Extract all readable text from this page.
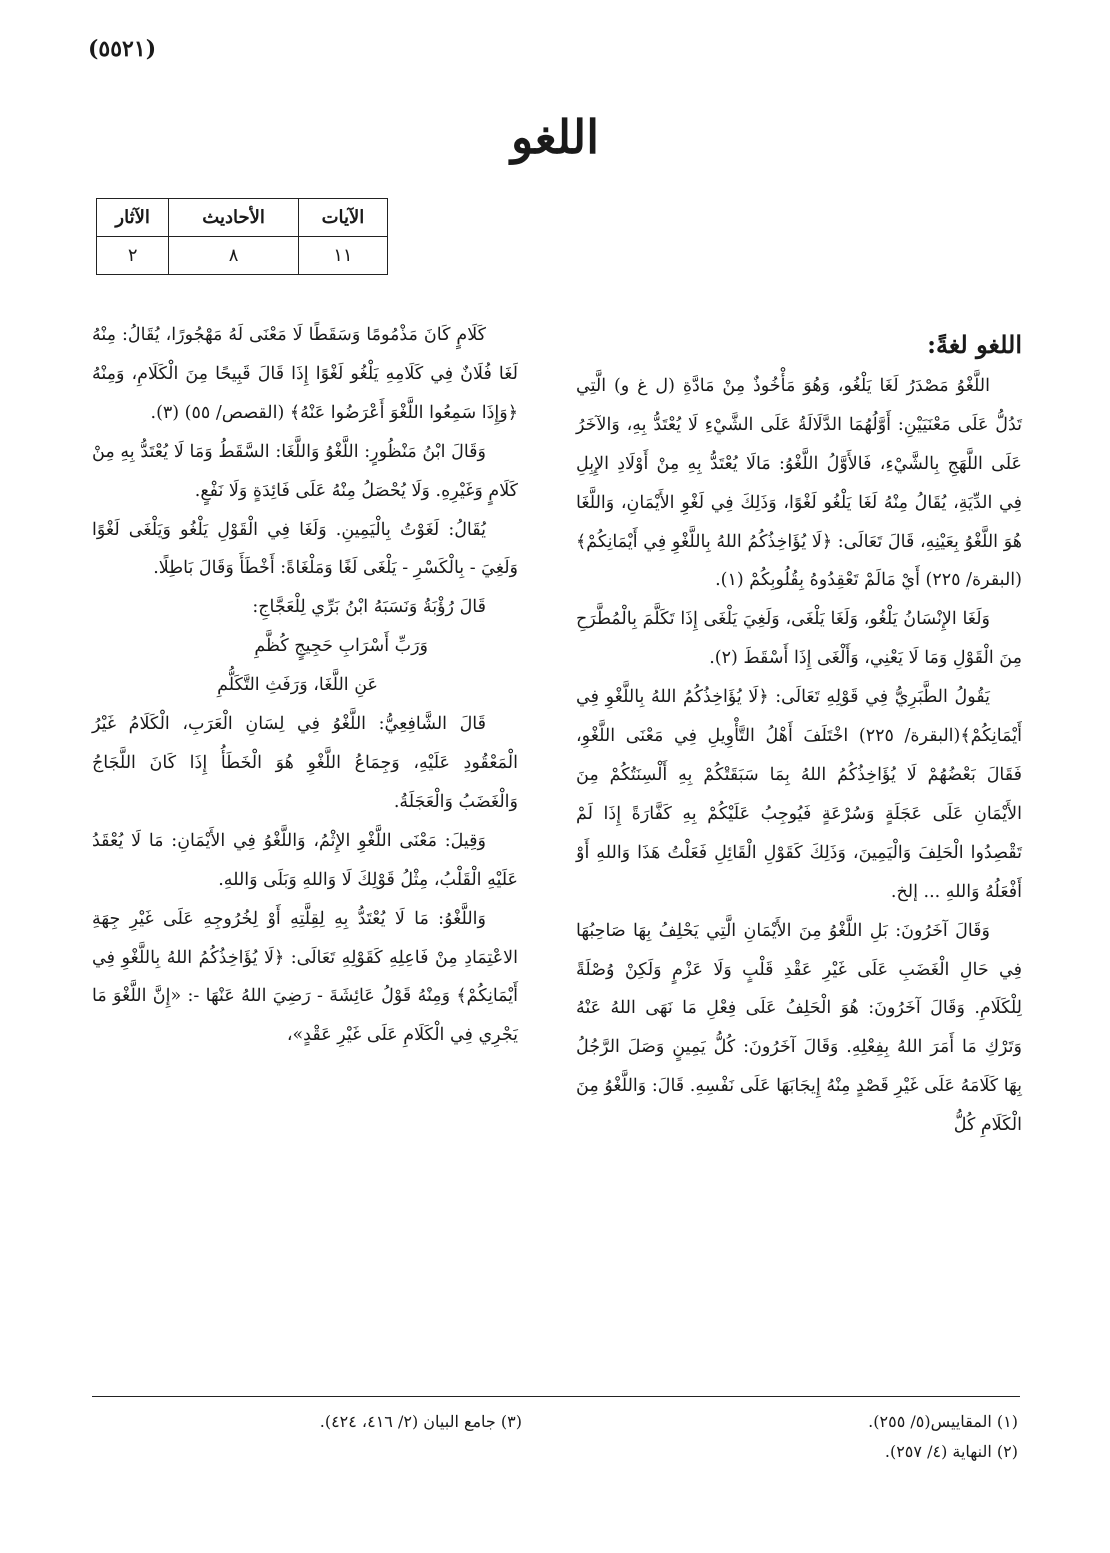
(٥٥٢١)
اللغو
الآيات	الأحاديث	الآثار
١١	٨	٢

اللغو لغةً:

اللَّغْوُ مَصْدَرُ لَغَا يَلْغُو، وَهُوَ مَأْخُوذٌ مِنْ مَادَّةِ (ل غ و) الَّتِي تَدُلُّ عَلَى مَعْنَيَيْنِ: أَوَّلُهُمَا الدَّلَالَةُ عَلَى الشَّيْءِ لَا يُعْتَدُّ بِهِ، وَالآخَرُ عَلَى اللَّهَجِ بِالشَّيْءِ، فَالأَوَّلُ اللَّغْوُ: مَالَا يُعْتَدُّ بِهِ مِنْ أَوْلَادِ الإِبِلِ فِي الدِّيَةِ، يُقَالُ مِنْهُ لَغَا يَلْغُو لَغْوًا، وَذَلِكَ فِي لَغْوِ الأَيْمَانِ، وَاللَّغَا هُوَ اللَّغْوُ بِعَيْنِهِ، قَالَ تَعَالَى: ﴿لَا يُؤَاخِذُكُمُ اللهُ بِاللَّغْوِ فِي أَيْمَانِكُمْ﴾(البقرة/ ٢٢٥) أَيْ مَالَمْ تَعْقِدُوهُ بِقُلُوبِكُمْ (١).

وَلَغَا الإِنْسَانُ يَلْغُو، وَلَغَا يَلْغَى، وَلَغِيَ يَلْغَى إِذَا تَكَلَّمَ بِالْمُطَّرَحِ مِنَ الْقَوْلِ وَمَا لَا يَعْنِي، وَأَلْغَى إِذَا أَسْقَطَ (٢).

يَقُولُ الطَّبَرِيُّ فِي قَوْلِهِ تَعَالَى: ﴿لَا يُؤَاخِذُكُمُ اللهُ بِاللَّغْوِ فِي أَيْمَانِكُمْ﴾(البقرة/ ٢٢٥) اخْتَلَفَ أَهْلُ التَّأْوِيلِ فِي مَعْنَى اللَّغْوِ، فَقَالَ بَعْضُهُمْ لَا يُؤَاخِذُكُمُ اللهُ بِمَا سَبَقَتْكُمْ بِهِ أَلْسِنَتُكُمْ مِنَ الأَيْمَانِ عَلَى عَجَلَةٍ وَسُرْعَةٍ فَيُوجِبُ عَلَيْكُمْ بِهِ كَفَّارَةً إِذَا لَمْ تَقْصِدُوا الْحَلِفَ وَالْيَمِينَ، وَذَلِكَ كَقَوْلِ الْقَائِلِ فَعَلْتُ هَذَا وَاللهِ أَوْ أَفْعَلُهُ وَاللهِ ... إلخ.

وَقَالَ آخَرُونَ: بَلِ اللَّغْوُ مِنَ الأَيْمَانِ الَّتِي يَحْلِفُ بِهَا صَاحِبُهَا فِي حَالِ الْغَضَبِ عَلَى غَيْرِ عَقْدِ قَلْبٍ وَلَا عَزْمٍ وَلَكِنْ وُصْلَةً لِلْكَلَامِ. وَقَالَ آخَرُونَ: هُوَ الْحَلِفُ عَلَى فِعْلِ مَا نَهَى اللهُ عَنْهُ وَتَرْكِ مَا أَمَرَ اللهُ بِفِعْلِهِ. وَقَالَ آخَرُونَ: كُلُّ يَمِينٍ وَصَلَ الرَّجُلُ بِهَا كَلَامَهُ عَلَى غَيْرِ قَصْدٍ مِنْهُ إِيجَابَهَا عَلَى نَفْسِهِ. قَالَ: وَاللَّغْوُ مِنَ الْكَلَامِ كُلُّ

كَلَامٍ كَانَ مَذْمُومًا وَسَقَطًا لَا مَعْنَى لَهُ مَهْجُورًا، يُقَالُ: مِنْهُ لَغَا فُلَانٌ فِي كَلَامِهِ يَلْغُو لَغْوًا إِذَا قَالَ قَبِيحًا مِنَ الْكَلَامِ، وَمِنْهُ ﴿وَإِذَا سَمِعُوا اللَّغْوَ أَعْرَضُوا عَنْهُ﴾ (القصص/ ٥٥) (٣).

وَقَالَ ابْنُ مَنْظُورٍ: اللَّغْوُ وَاللَّغَا: السَّقَطُ وَمَا لَا يُعْتَدُّ بِهِ مِنْ كَلَامٍ وَغَيْرِهِ. وَلَا يُحْصَلُ مِنْهُ عَلَى فَائِدَةٍ وَلَا نَفْعٍ.

يُقَالُ: لَغَوْتُ بِالْيَمِينِ. وَلَغَا فِي الْقَوْلِ يَلْغُو وَيَلْغَى لَغْوًا وَلَغِيَ - بِالْكَسْرِ - يَلْغَى لَغًا وَمَلْغَاةً: أَخْطَأَ وَقَالَ بَاطِلًا.

قَالَ رُؤْبَةُ وَنَسَبَهُ ابْنُ بَرِّي لِلْعَجَّاجِ:

وَرَبِّ أَسْرَابِ حَجِيجٍ كُظَّمِ

عَنِ اللَّغَا، وَرَفَثِ التَّكَلُّمِ

قَالَ الشَّافِعِيُّ: اللَّغْوُ فِي لِسَانِ الْعَرَبِ، الْكَلَامُ غَيْرُ الْمَعْقُودِ عَلَيْهِ، وَجِمَاعُ اللَّغْوِ هُوَ الْخَطَأُ إِذَا كَانَ اللَّجَاجُ وَالْغَضَبُ وَالْعَجَلَةُ.

وَقِيلَ: مَعْنَى اللَّغْوِ الإِثْمُ، وَاللَّغْوُ فِي الأَيْمَانِ: مَا لَا يُعْقَدُ عَلَيْهِ الْقَلْبُ، مِثْلُ قَوْلِكَ لَا وَاللهِ وَبَلَى وَاللهِ.

وَاللَّغْوُ: مَا لَا يُعْتَدُّ بِهِ لِقِلَّتِهِ أَوْ لِخُرُوجِهِ عَلَى غَيْرِ جِهَةِ الاعْتِمَادِ مِنْ فَاعِلِهِ كَقَوْلِهِ تَعَالَى: ﴿لَا يُؤَاخِذُكُمُ اللهُ بِاللَّغْوِ فِي أَيْمَانِكُمْ﴾ وَمِنْهُ قَوْلُ عَائِشَةَ - رَضِيَ اللهُ عَنْهَا -: «إِنَّ اللَّغْوَ مَا يَجْرِي فِي الْكَلَامِ عَلَى غَيْرِ عَقْدٍ»،

(١) المقاييس(٥/ ٢٥٥).
(٢) النهاية (٤/ ٢٥٧).
(٣) جامع البيان (٢/ ٤١٦، ٤٢٤).
